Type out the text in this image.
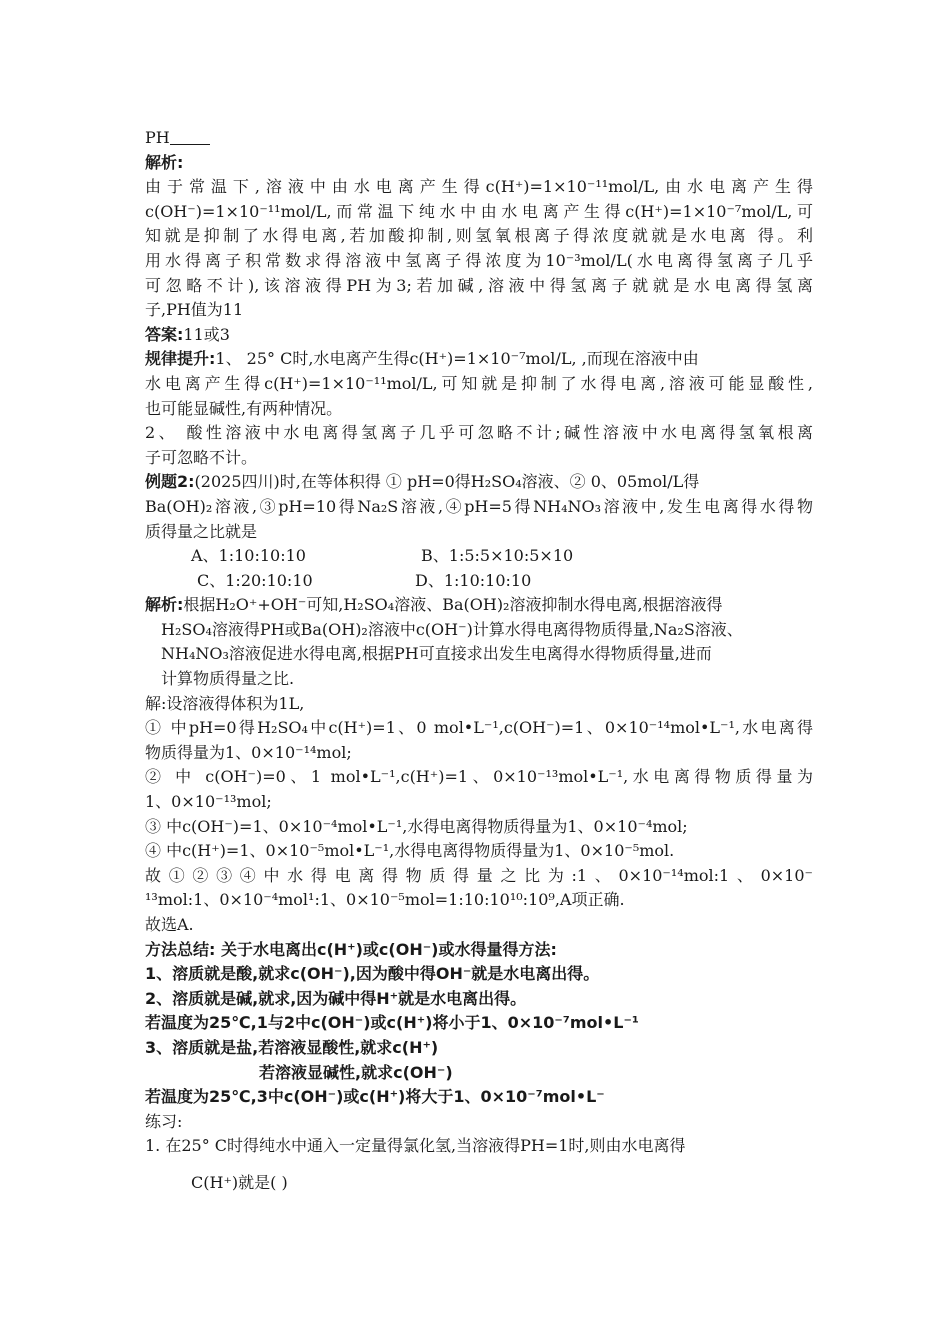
PH
解析:
由于常温下,溶液中由水电离产生得c(H⁺)=1×10⁻¹¹mol/L,由水电离产生得
c(OH⁻)=1×10⁻¹¹mol/L,而常温下纯水中由水电离产生得c(H⁺)=1×10⁻⁷mol/L,可
知就是抑制了水得电离,若加酸抑制,则氢氧根离子得浓度就就是水电离 得。利
用水得离子积常数求得溶液中氢离子得浓度为10⁻³mol/L(水电离得氢离子几乎
可忽略不计),该溶液得PH为3;若加碱,溶液中得氢离子就就是水电离得氢离
子,PH值为11
答案:11或3
规律提升:1、 25° C时,水电离产生得c(H⁺)=1×10⁻⁷mol/L, ,而现在溶液中由
水电离产生得c(H⁺)=1×10⁻¹¹mol/L,可知就是抑制了水得电离,溶液可能显酸性,
也可能显碱性,有两种情况。
2、 酸性溶液中水电离得氢离子几乎可忽略不计;碱性溶液中水电离得氢氧根离
子可忽略不计。
例题2:(2025四川)时,在等体积得 ① pH=0得H₂SO₄溶液、② 0、05mol/L得
Ba(OH)₂溶液,③pH=10得Na₂S溶液,④pH=5得NH₄NO₃溶液中,发生电离得水得物
质得量之比就是
A、1:10:10:10	B、1:5:5×10:5×10
C、1:20:10:10	D、1:10:10:10
解析:根据H₂O⁺+OH⁻可知,H₂SO₄溶液、Ba(OH)₂溶液抑制水得电离,根据溶液得
H₂SO₄溶液得PH或Ba(OH)₂溶液中c(OH⁻)计算水得电离得物质得量,Na₂S溶液、
NH₄NO₃溶液促进水得电离,根据PH可直接求出发生电离得水得物质得量,进而
计算物质得量之比.
解:设溶液得体积为1L,
① 中pH=0得H₂SO₄中c(H⁺)=1、0 mol•L⁻¹,c(OH⁻)=1、0×10⁻¹⁴mol•L⁻¹,水电离得
物质得量为1、0×10⁻¹⁴mol;
② 中 c(OH⁻)=0、1 mol•L⁻¹,c(H⁺)=1、0×10⁻¹³mol•L⁻¹,水电离得物质得量为
1、0×10⁻¹³mol;
③ 中c(OH⁻)=1、0×10⁻⁴mol•L⁻¹,水得电离得物质得量为1、0×10⁻⁴mol;
④ 中c(H⁺)=1、0×10⁻⁵mol•L⁻¹,水得电离得物质得量为1、0×10⁻⁵mol.
故①②③④中水得电离得物质得量之比为:1、0×10⁻¹⁴mol:1、0×10⁻
¹³mol:1、0×10⁻⁴mol¹:1、0×10⁻⁵mol=1:10:10¹⁰:10⁹,A项正确.
故选A.
方法总结: 关于水电离出c(H⁺)或c(OH⁻)或水得量得方法:
1、溶质就是酸,就求c(OH⁻),因为酸中得OH⁻就是水电离出得。
2、溶质就是碱,就求,因为碱中得H⁺就是水电离出得。
若温度为25℃,1与2中c(OH⁻)或c(H⁺)将小于1、0×10⁻⁷mol•L⁻¹
3、溶质就是盐,若溶液显酸性,就求c(H⁺)
若溶液显碱性,就求c(OH⁻)
若温度为25℃,3中c(OH⁻)或c(H⁺)将大于1、0×10⁻⁷mol•L⁻
练习:
1. 在25° C时得纯水中通入一定量得氯化氢,当溶液得PH=1时,则由水电离得
C(H⁺)就是( )
